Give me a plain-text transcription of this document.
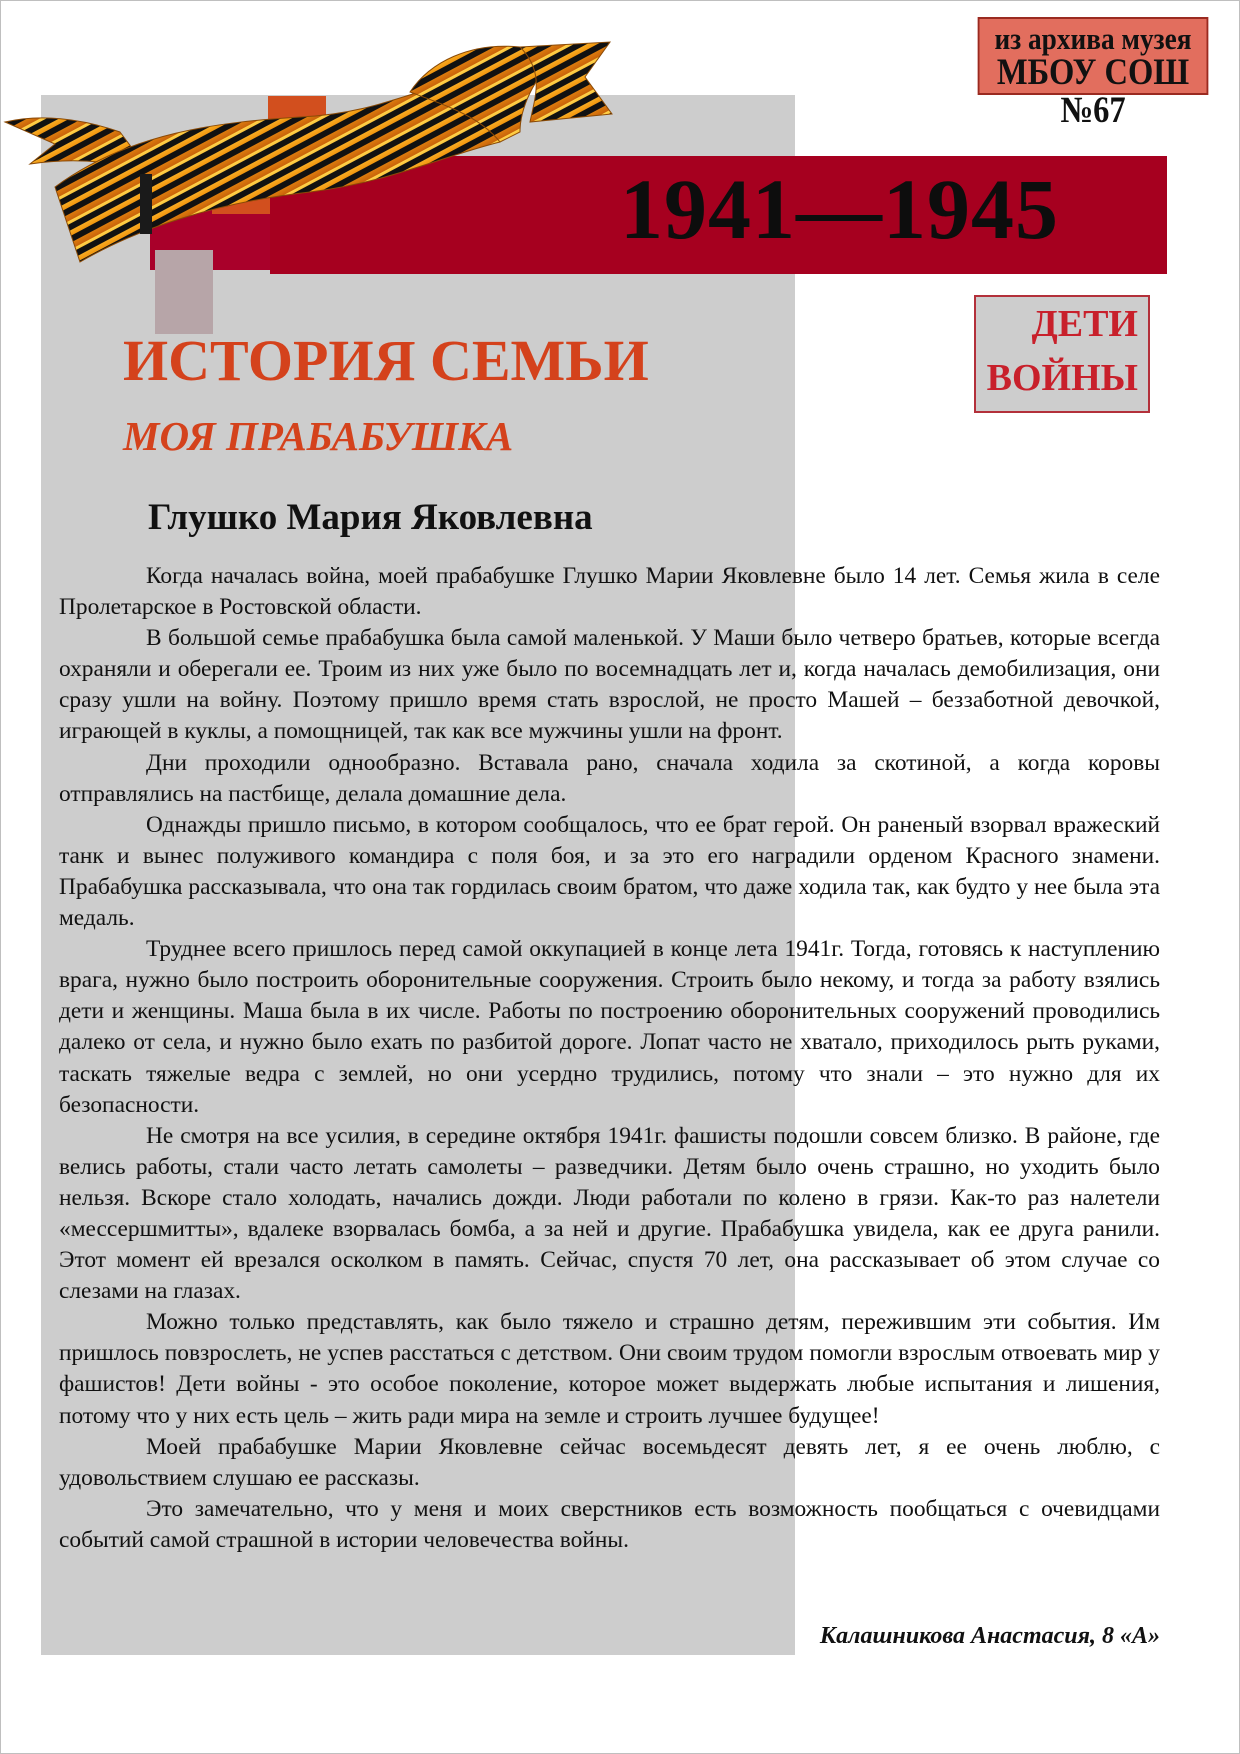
1941—1945
из архива музея
МБОУ СОШ №67
ДЕТИ
ВОЙНЫ
ИСТОРИЯ СЕМЬИ
МОЯ ПРАБАБУШКА
Глушко Мария Яковлевна

Когда началась война, моей прабабушке Глушко Марии Яковлевне было 14 лет. Семья жила в селе Пролетарское в Ростовской области.

В большой семье прабабушка была самой маленькой. У Маши было четверо братьев, которые всегда охраняли и оберегали ее. Троим из них уже было по восемнадцать лет и, когда началась демобилизация, они сразу ушли на войну. Поэтому пришло время стать взрослой, не просто Машей – беззаботной девочкой, играющей в куклы, а помощницей, так как все мужчины ушли на фронт.

Дни проходили однообразно. Вставала рано, сначала ходила за скотиной, а когда коровы отправлялись на пастбище, делала домашние дела.

Однажды пришло письмо, в котором сообщалось, что ее брат герой. Он раненый взорвал вражеский танк и вынес полуживого командира с поля боя, и за это его наградили орденом Красного знамени. Прабабушка рассказывала, что она так гордилась своим братом, что даже ходила так, как будто у нее была эта медаль.

Труднее всего пришлось перед самой оккупацией в конце лета 1941г. Тогда, готовясь к наступлению врага, нужно было построить оборонительные сооружения. Строить было некому, и тогда за работу взялись дети и женщины. Маша была в их числе. Работы по построению оборонительных сооружений проводились далеко от села, и нужно было ехать по разбитой дороге. Лопат часто не хватало, приходилось рыть руками, таскать тяжелые ведра с землей, но они усердно трудились, потому что знали – это нужно для их безопасности.

Не смотря на все усилия, в середине октября 1941г. фашисты подошли совсем близко. В районе, где велись работы, стали часто летать самолеты – разведчики. Детям было очень страшно, но уходить было нельзя. Вскоре стало холодать, начались дожди. Люди работали по колено в грязи. Как-то раз налетели «мессершмитты», вдалеке взорвалась бомба, а за ней и другие. Прабабушка увидела, как ее друга ранили. Этот момент ей врезался осколком в память. Сейчас, спустя 70 лет, она рассказывает об этом случае со слезами на глазах.

Можно только представлять, как было тяжело и страшно детям, пережившим эти события. Им пришлось повзрослеть, не успев расстаться с детством. Они своим трудом помогли взрослым отвоевать мир у фашистов! Дети войны - это особое поколение, которое может выдержать любые испытания и лишения, потому что у них есть цель – жить ради мира на земле и строить лучшее будущее!

Моей прабабушке Марии Яковлевне сейчас восемьдесят девять лет, я ее очень люблю, с удовольствием слушаю ее рассказы.

Это замечательно, что у меня и моих сверстников есть возможность пообщаться с очевидцами событий самой страшной в истории человечества войны.

Калашникова Анастасия, 8 «А»
